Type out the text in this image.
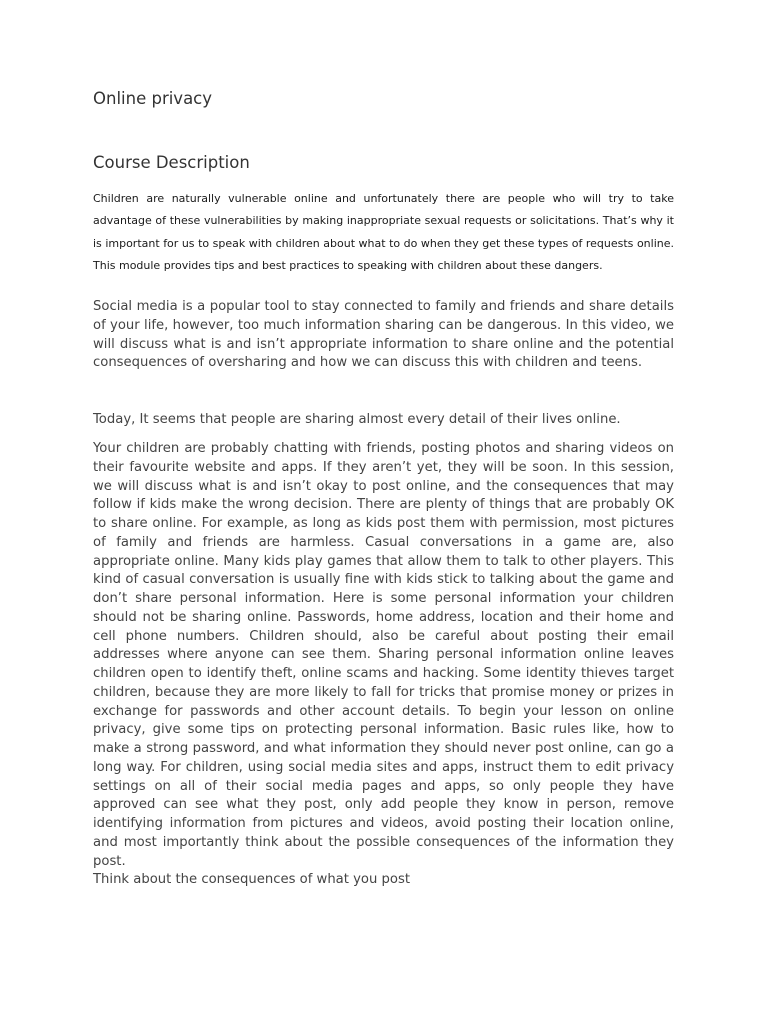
Online privacy
Course Description

Children are naturally vulnerable online and unfortunately there are people who will try to take advantage of these vulnerabilities by making inappropriate sexual requests or solicitations. That’s why it is important for us to speak with children about what to do when they get these types of requests online. This module provides tips and best practices to speaking with children about these dangers.

Social media is a popular tool to stay connected to family and friends and share details of your life, however, too much information sharing can be dangerous. In this video, we will discuss what is and isn’t appropriate information to share online and the potential consequences of oversharing and how we can discuss this with children and teens.

Today, It seems that people are sharing almost every detail of their lives online.

Your children are probably chatting with friends, posting photos and sharing videos on their favourite website and apps. If they aren’t yet, they will be soon. In this session, we will discuss what is and isn’t okay to post online, and the consequences that may follow if kids make the wrong decision. There are plenty of things that are probably OK to share online. For example, as long as kids post them with permission, most pictures of family and friends are harmless. Casual conversations in a game are, also appropriate online. Many kids play games that allow them to talk to other players. This kind of casual conversation is usually fine with kids stick to talking about the game and don’t share personal information. Here is some personal information your children should not be sharing online. Passwords, home address, location and their home and cell phone numbers. Children should, also be careful about posting their email addresses where anyone can see them. Sharing personal information online leaves children open to identify theft, online scams and hacking. Some identity thieves target children, because they are more likely to fall for tricks that promise money or prizes in exchange for passwords and other account details. To begin your lesson on online privacy, give some tips on protecting personal information. Basic rules like, how to make a strong password, and what information they should never post online, can go a long way. For children, using social media sites and apps, instruct them to edit privacy settings on all of their social media pages and apps, so only people they have approved can see what they post, only add people they know in person, remove identifying information from pictures and videos, avoid posting their location online, and most importantly think about the possible consequences of the information they post.

Think about the consequences of what you post
